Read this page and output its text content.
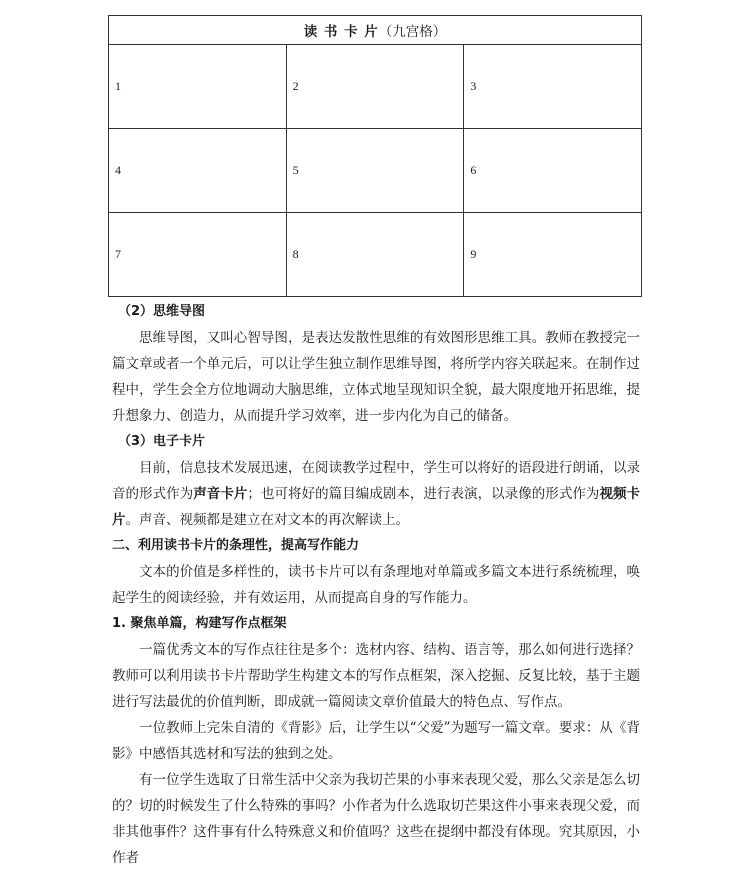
读 书 卡 片（九宫格）		
1	2	3
4	5	6
7	8	9

（2）思维导图

思维导图，又叫心智导图，是表达发散性思维的有效图形思维工具。教师在教授完一篇文章或者一个单元后，可以让学生独立制作思维导图，将所学内容关联起来。在制作过程中，学生会全方位地调动大脑思维，立体式地呈现知识全貌，最大限度地开拓思维，提升想象力、创造力，从而提升学习效率，进一步内化为自己的储备。

（3）电子卡片

目前，信息技术发展迅速，在阅读教学过程中，学生可以将好的语段进行朗诵，以录音的形式作为声音卡片；也可将好的篇目编成剧本，进行表演，以录像的形式作为视频卡片。声音、视频都是建立在对文本的再次解读上。

二、利用读书卡片的条理性，提高写作能力

文本的价值是多样性的，读书卡片可以有条理地对单篇或多篇文本进行系统梳理，唤起学生的阅读经验，并有效运用，从而提高自身的写作能力。

1. 聚焦单篇，构建写作点框架

一篇优秀文本的写作点往往是多个：选材内容、结构、语言等，那么如何进行选择？教师可以利用读书卡片帮助学生构建文本的写作点框架，深入挖掘、反复比较，基于主题进行写法最优的价值判断，即成就一篇阅读文章价值最大的特色点、写作点。

一位教师上完朱自清的《背影》后，让学生以“父爱”为题写一篇文章。要求：从《背影》中感悟其选材和写法的独到之处。

有一位学生选取了日常生活中父亲为我切芒果的小事来表现父爱，那么父亲是怎么切的？切的时候发生了什么特殊的事吗？小作者为什么选取切芒果这件小事来表现父爱，而非其他事件？这件事有什么特殊意义和价值吗？这些在提纲中都没有体现。究其原因，小作者
